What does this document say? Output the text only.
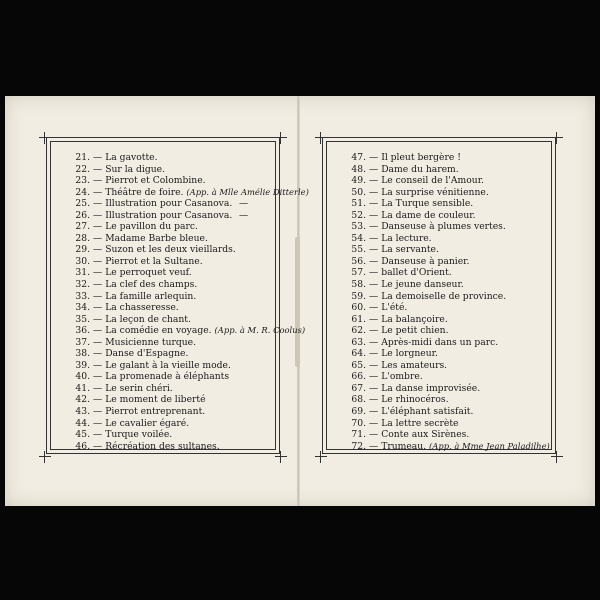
21. — La gavotte.
22. — Sur la digue.
23. — Pierrot et Colombine.
24. — Théâtre de foire. (App. à Mlle Amélie Ditterle)
25. — Illustration pour Casanova. —
26. — Illustration pour Casanova. —
27. — Le pavillon du parc.
28. — Madame Barbe bleue.
29. — Suzon et les deux vieillards.
30. — Pierrot et la Sultane.
31. — Le perroquet veuf.
32. — La clef des champs.
33. — La famille arlequin.
34. — La chasseresse.
35. — La leçon de chant.
36. — La comédie en voyage. (App. à M. R. Coolus)
37. — Musicienne turque.
38. — Danse d'Espagne.
39. — Le galant à la vieille mode.
40. — La promenade à éléphants
41. — Le serin chéri.
42. — Le moment de liberté
43. — Pierrot entreprenant.
44. — Le cavalier égaré.
45. — Turque voilée.
46. — Récréation des sultanes.
47. — Il pleut bergère !
48. — Dame du harem.
49. — Le conseil de l'Amour.
50. — La surprise vénitienne.
51. — La Turque sensible.
52. — La dame de couleur.
53. — Danseuse à plumes vertes.
54. — La lecture.
55. — La servante.
56. — Danseuse à panier.
57. — ballet d'Orient.
58. — Le jeune danseur.
59. — La demoiselle de province.
60. — L'été.
61. — La balançoire.
62. — Le petit chien.
63. — Après-midi dans un parc.
64. — Le lorgneur.
65. — Les amateurs.
66. — L'ombre.
67. — La danse improvisée.
68. — Le rhinocéros.
69. — L'éléphant satisfait.
70. — La lettre secrète
71. — Conte aux Sirènes.
72. — Trumeau. (App. à Mme Jean Paladilhe)
